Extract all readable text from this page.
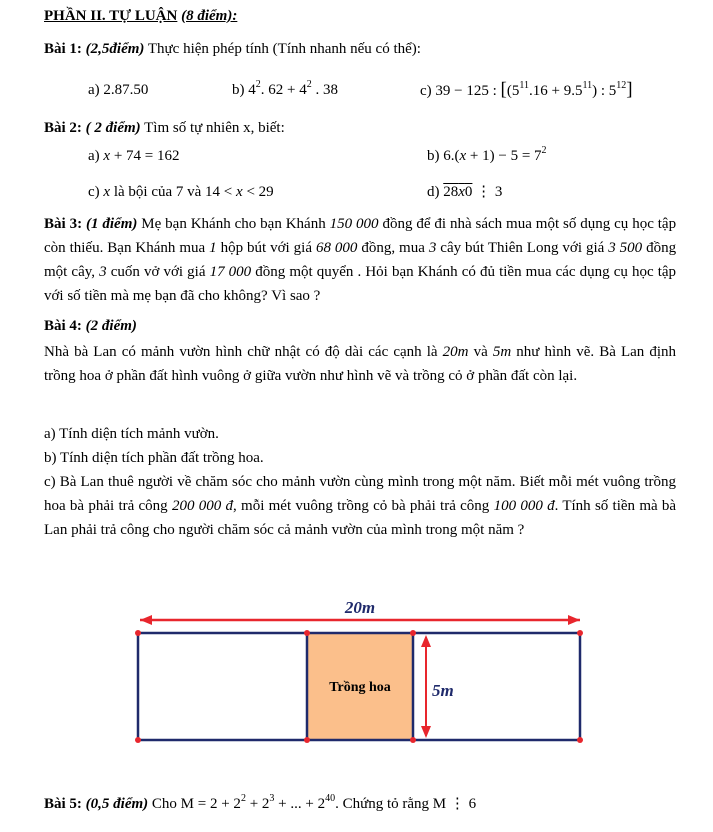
PHẦN II. TỰ LUẬN (8 điểm):
Bài 1: (2,5điểm) Thực hiện phép tính (Tính nhanh nếu có thể):
a) 2.87.50	b) $4^2$. $62 + 4^2$ . 38	c) 39 − 125 : [$(5^{11}.16 + 9.5^{11})$ : $5^{12}$]
Bài 2: ( 2 điểm) Tìm số tự nhiên x, biết:
a) x + 74 = 162	b) $6.(x + 1) - 5 = 7^2$
c) x là bội của 7 và 14 < x < 29	d) 28x0 ⋮ 3
Bài 3: (1 điểm) Mẹ bạn Khánh cho bạn Khánh 150 000 đồng để đi nhà sách mua một số dụng cụ học tập còn thiếu. Bạn Khánh mua 1 hộp bút với giá 68 000 đồng, mua 3 cây bút Thiên Long với giá 3 500 đồng một cây, 3 cuốn vở với giá 17 000 đồng một quyển . Hỏi bạn Khánh có đủ tiền mua các dụng cụ học tập với số tiền mà mẹ bạn đã cho không? Vì sao ?
Bài 4: (2 điểm)
Nhà bà Lan có mảnh vườn hình chữ nhật có độ dài các cạnh là 20m và 5m như hình vẽ. Bà Lan định trồng hoa ở phần đất hình vuông ở giữa vườn như hình vẽ và trồng cỏ ở phần đất còn lại.
a) Tính diện tích mảnh vườn.
b) Tính diện tích phần đất trồng hoa.
c) Bà Lan thuê người về chăm sóc cho mảnh vườn cùng mình trong một năm. Biết mỗi mét vuông trồng hoa bà phải trả công 200 000 đ, mỗi mét vuông trồng cỏ bà phải trả công 100 000 đ. Tính số tiền mà bà Lan phải trả công cho người chăm sóc cả mảnh vườn của mình trong một năm ?
20m
Trồng hoa 5m
Bài 5: (0,5 điểm) Cho $M = 2 + 2^2 + 2^3$ + ... + $2^{40}$. Chứng tỏ rằng M ⋮ 6
